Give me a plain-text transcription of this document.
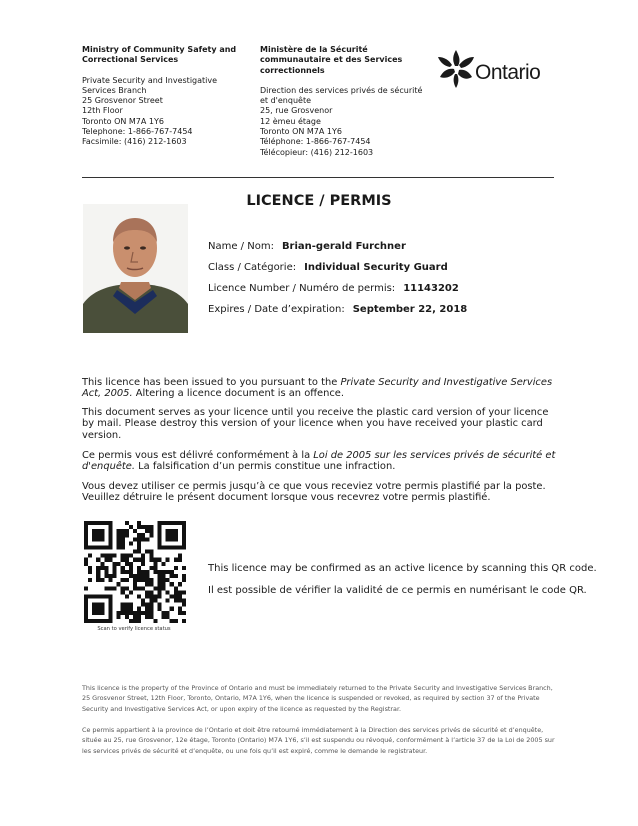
Ministry of Community Safety and
Correctional Services
Private Security and Investigative
Services Branch
25 Grosvenor Street
12th Floor
Toronto ON M7A 1Y6
Telephone: 1-866-767-7454
Facsimile: (416) 212-1603
Ministère de la Sécurité
communautaire et des Services
correctionnels
Direction des services privés de sécurité
et d'enquête
25, rue Grosvenor
12 èmeu étage
Toronto ON M7A 1Y6
Téléphone: 1-866-767-7454
Télécopieur: (416) 212-1603
Ontario
LICENCE / PERMIS
Name / Nom: Brian-gerald Furchner
Class / Catégorie: Individual Security Guard
Licence Number / Numéro de permis: 11143202
Expires / Date d’expiration: September 22, 2018
This licence has been issued to you pursuant to the Private Security and Investigative Services Act, 2005. Altering a licence document is an offence.
This document serves as your licence until you receive the plastic card version of your licence by mail. Please destroy this version of your licence when you have received your plastic card version.
Ce permis vous est délivré conformément à la Loi de 2005 sur les services privés de sécurité et d'enquête. La falsification d’un permis constitue une infraction.
Vous devez utiliser ce permis jusqu’à ce que vous receviez votre permis plastifié par la poste. Veuillez détruire le présent document lorsque vous recevrez votre permis plastifié.
Scan to verify licence status
This licence may be confirmed as an active licence by scanning this QR code.
Il est possible de vérifier la validité de ce permis en numérisant le code QR.
This licence is the property of the Province of Ontario and must be immediately returned to the Private Security and Investigative Services Branch, 25 Grosvenor Street, 12th Floor, Toronto, Ontario, M7A 1Y6, when the licence is suspended or revoked, as required by section 37 of the Private Security and Investigative Services Act, or upon expiry of the licence as requested by the Registrar.
Ce permis appartient à la province de l’Ontario et doit être retourné immédiatement à la Direction des services privés de sécurité et d’enquête, située au 25, rue Grosvenor, 12e étage, Toronto (Ontario) M7A 1Y6, s’il est suspendu ou révoqué, conformément à l’article 37 de la Loi de 2005 sur les services privés de sécurité et d’enquête, ou une fois qu’il est expiré, comme le demande le registrateur.
